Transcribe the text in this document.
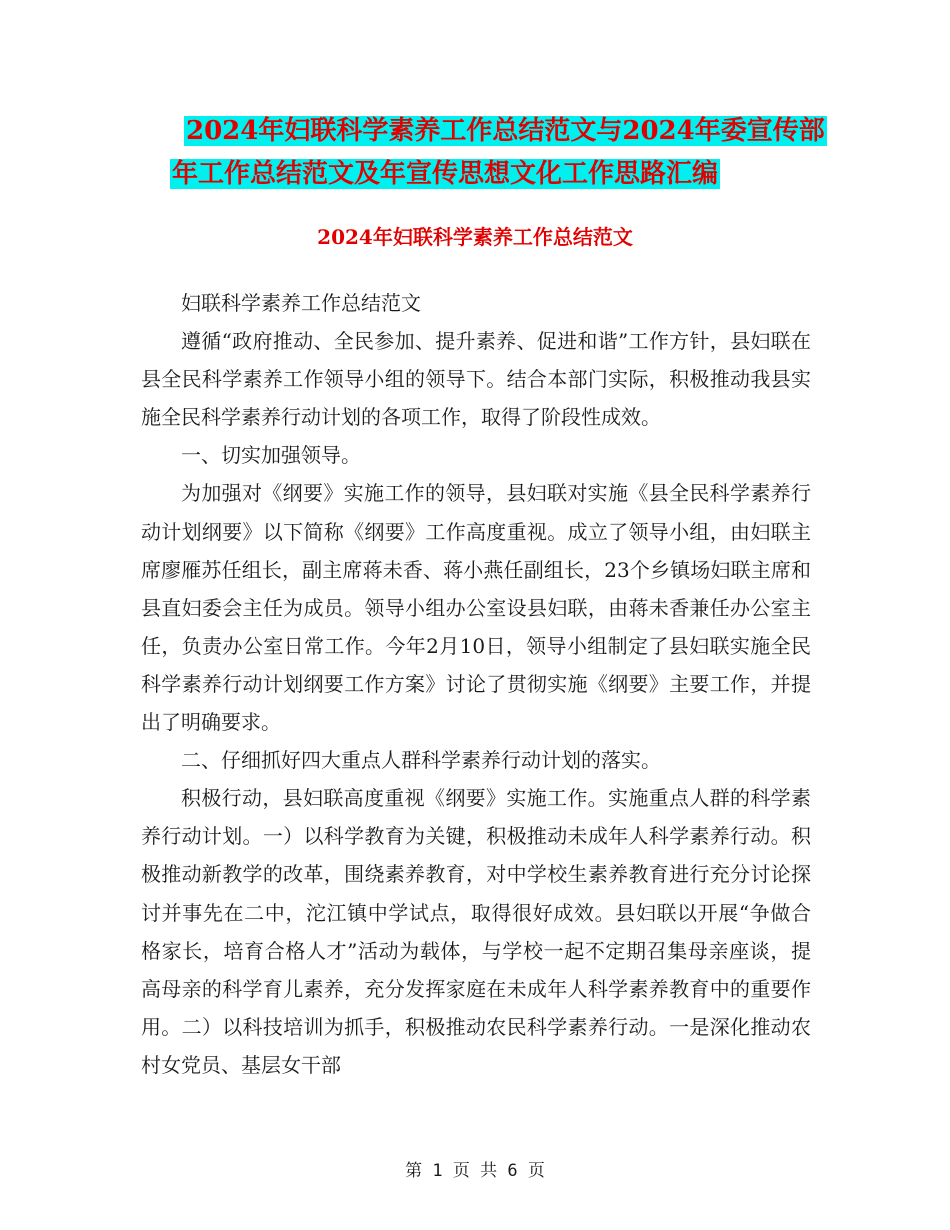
2024年妇联科学素养工作总结范文与2024年委宣传部
年工作总结范文及年宣传思想文化工作思路汇编
2024年妇联科学素养工作总结范文

妇联科学素养工作总结范文

遵循“政府推动、全民参加、提升素养、促进和谐”工作方针，县妇联在县全民科学素养工作领导小组的领导下。结合本部门实际，积极推动我县实施全民科学素养行动计划的各项工作，取得了阶段性成效。

一、切实加强领导。

为加强对《纲要》实施工作的领导，县妇联对实施《县全民科学素养行动计划纲要》以下简称《纲要》工作高度重视。成立了领导小组，由妇联主席廖雁苏任组长，副主席蒋未香、蒋小燕任副组长，23个乡镇场妇联主席和县直妇委会主任为成员。领导小组办公室设县妇联，由蒋未香兼任办公室主任，负责办公室日常工作。今年2月10日，领导小组制定了县妇联实施全民科学素养行动计划纲要工作方案》讨论了贯彻实施《纲要》主要工作，并提出了明确要求。

二、仔细抓好四大重点人群科学素养行动计划的落实。

积极行动，县妇联高度重视《纲要》实施工作。实施重点人群的科学素养行动计划。一）以科学教育为关键，积极推动未成年人科学素养行动。积极推动新教学的改革，围绕素养教育，对中学校生素养教育进行充分讨论探讨并事先在二中，沱江镇中学试点，取得很好成效。县妇联以开展“争做合格家长，培育合格人才”活动为载体，与学校一起不定期召集母亲座谈，提高母亲的科学育儿素养，充分发挥家庭在未成年人科学素养教育中的重要作用。二）以科技培训为抓手，积极推动农民科学素养行动。一是深化推动农村女党员、基层女干部

第 1 页 共 6 页
